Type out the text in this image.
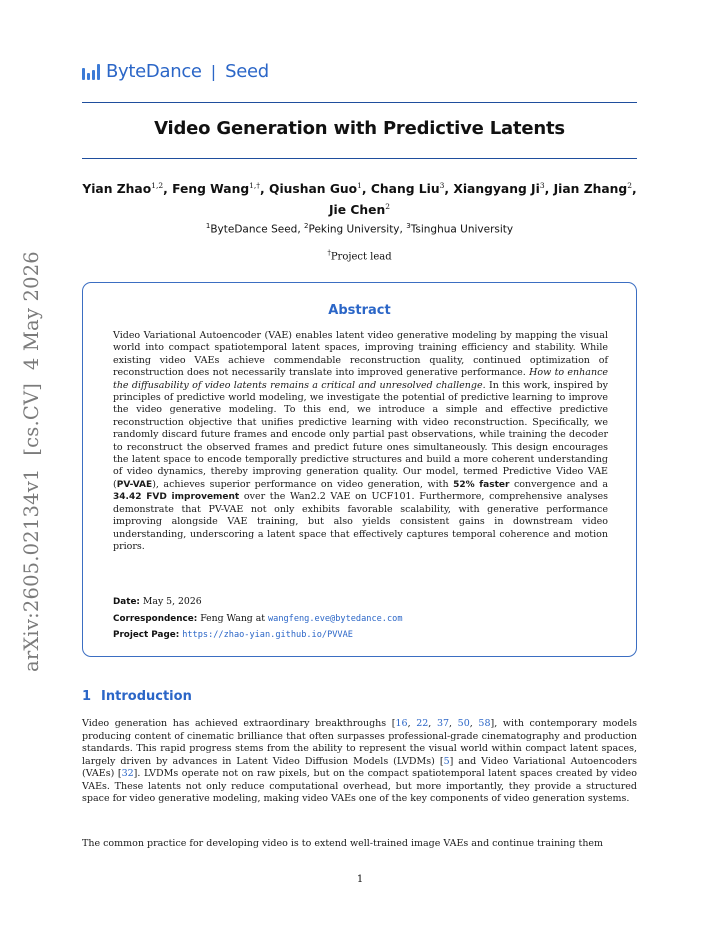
ByteDance | Seed
Video Generation with Predictive Latents
Yian Zhao$^{1,2}$, Feng Wang$^{1,\dagger}$, Qiushan Guo$^1$, Chang Liu$^3$, Xiangyang Ji$^3$, Jian Zhang$^2$, Jie Chen$^2$
$^1$ByteDance Seed, $^2$Peking University, $^3$Tsinghua University
†Project lead
arXiv:2605.02134v1  [cs.CV]  4 May 2026	Abstract
Video Variational Autoencoder (VAE) enables latent video generative modeling by mapping the visual world into compact spatiotemporal latent spaces, improving training efficiency and stability. While existing video VAEs achieve commendable reconstruction quality, continued optimization of reconstruction does not necessarily translate into improved generative performance. How to enhance the diffusability of video latents remains a critical and unresolved challenge. In this work, inspired by principles of predictive world modeling, we investigate the potential of predictive learning to improve the video generative modeling. To this end, we introduce a simple and effective predictive reconstruction objective that unifies predictive learning with video reconstruction. Specifically, we randomly discard future frames and encode only partial past observations, while training the decoder to reconstruct the observed frames and predict future ones simultaneously. This design encourages the latent space to encode temporally predictive structures and build a more coherent understanding of video dynamics, thereby improving generation quality. Our model, termed Predictive Video VAE (PV-VAE), achieves superior performance on video generation, with 52% faster convergence and a 34.42 FVD improvement over the Wan2.2 VAE on UCF101. Furthermore, comprehensive analyses demonstrate that PV-VAE not only exhibits favorable scalability, with generative performance improving alongside VAE training, but also yields consistent gains in downstream video understanding, underscoring a latent space that effectively captures temporal coherence and motion priors.
Date: May 5, 2026
Correspondence: Feng Wang at wangfeng.eve@bytedance.com
Project Page: https://zhao-yian.github.io/PVVAE
1 Introduction
Video generation has achieved extraordinary breakthroughs [16, 22, 37, 50, 58], with contemporary models producing content of cinematic brilliance that often surpasses professional-grade cinematography and production standards. This rapid progress stems from the ability to represent the visual world within compact latent spaces, largely driven by advances in Latent Video Diffusion Models (LVDMs) [5] and Video Variational Autoencoders (VAEs) [32]. LVDMs operate not on raw pixels, but on the compact spatiotemporal latent spaces created by video VAEs. These latents not only reduce computational overhead, but more importantly, they provide a structured space for video generative modeling, making video VAEs one of the key components of video generation systems.
The common practice for developing video is to extend well-trained image VAEs and continue training them
1
